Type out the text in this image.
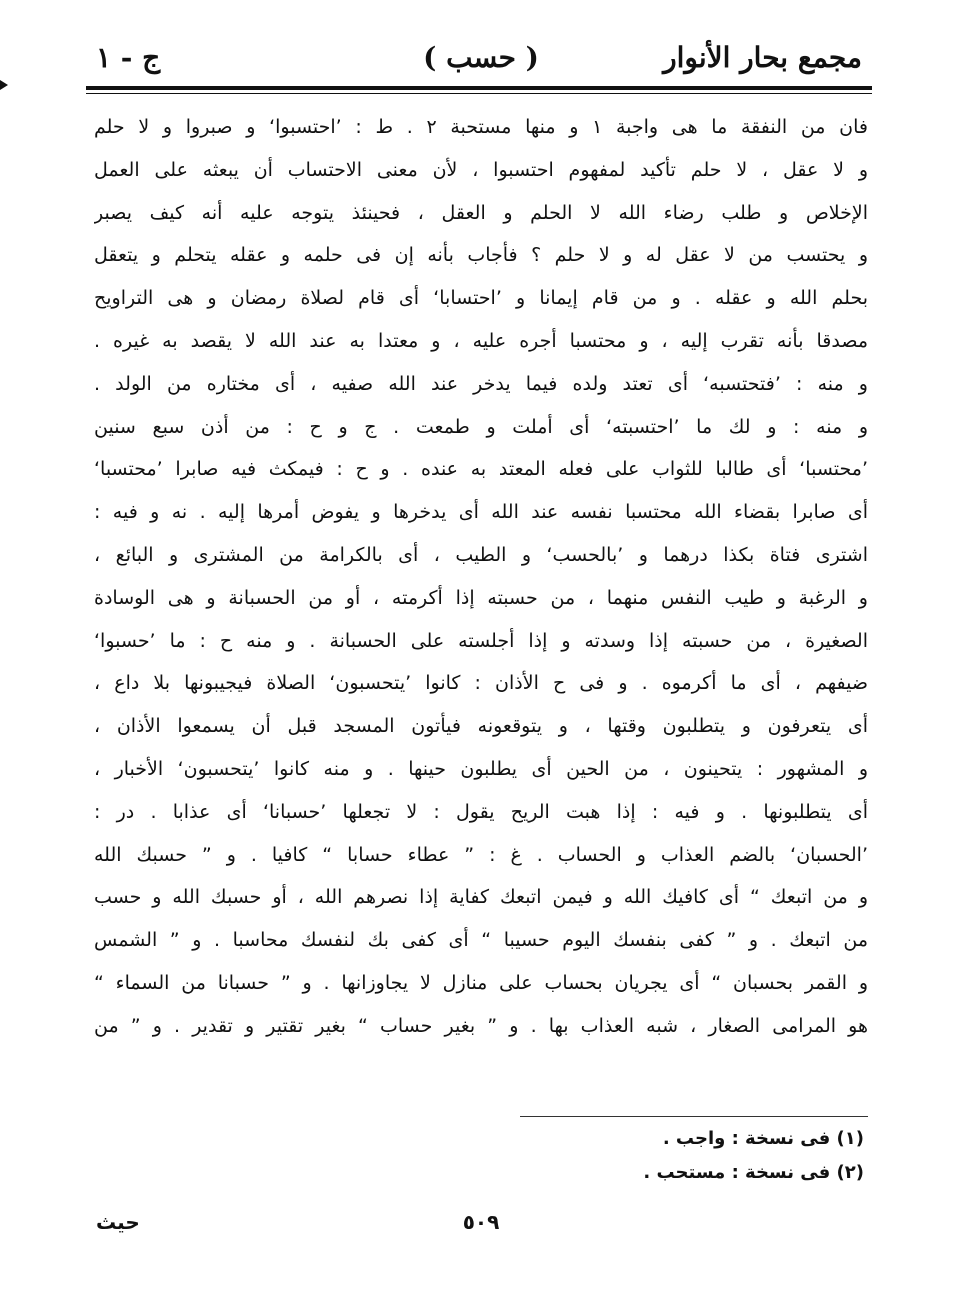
مجمع بحار الأنوار
( حسب )
ج - ١
فان من النفقة ما هى واجبة ١ و منها مستحبة ٢ . ط : ’احتسبوا‘ و صبروا و لا حلم
و لا عقل ، لا حلم تأكيد لمفهوم احتسبوا ، لأن معنى الاحتساب أن يبعثه على العمل
الإخلاص و طلب رضاء الله لا الحلم و العقل ، فحينئذ يتوجه عليه أنه كيف يصبر
و يحتسب من لا عقل له و لا حلم ؟ فأجاب بأنه إن فى حلمه و عقله يتحلم و يتعقل
بحلم الله و عقله . و من قام إيمانا و ’احتسابا‘ أى قام لصلاة رمضان و هى التراويح
مصدقا بأنه تقرب إليه ، و محتسبا أجره عليه ، و معتدا به عند الله لا يقصد به غيره .
و منه : ’فتحتسبه‘ أى تعتد ولده فيما يدخر عند الله صفيه ، أى مختاره من الولد .
و منه : و لك ما ’احتسبته‘ أى أملت و طمعت . ج و ح : من أذن سبع سنين
’محتسبا‘ أى طالبا للثواب على فعله المعتد به عنده . و ح : فيمكث فيه صابرا ’محتسبا‘
أى صابرا بقضاء الله محتسبا نفسه عند الله أى يدخرها و يفوض أمرها إليه . نه و فيه :
اشترى فتاة بكذا درهما و ’بالحسب‘ و الطيب ، أى بالكرامة من المشترى و البائع ،
و الرغبة و طيب النفس منهما ، من حسبته إذا أكرمته ، أو من الحسبانة و هى الوسادة
الصغيرة ، من حسبته إذا وسدته و إذا أجلسته على الحسبانة . و منه ح : ما ’حسبوا‘
ضيفهم ، أى ما أكرموه . و فى ح الأذان : كانوا ’يتحسبون‘ الصلاة فيجيبونها بلا داع ،
أى يتعرفون و يتطلبون وقتها ، و يتوقعونه فيأتون المسجد قبل أن يسمعوا الأذان ،
و المشهور : يتحينون ، من الحين أى يطلبون حينها . و منه كانوا ’يتحسبون‘ الأخبار ،
أى يتطلبونها . و فيه : إذا هبت الريح يقول : لا تجعلها ’حسبانا‘ أى عذابا . در :
’الحسبان‘ بالضم العذاب و الحساب . غ : ” عطاء حسابا “ كافيا . و ” حسبك الله
و من اتبعك “ أى كافيك الله و فيمن اتبعك كفاية إذا نصرهم الله ، أو حسبك الله و حسب
من اتبعك . و ” كفى بنفسك اليوم حسيبا “ أى كفى بك لنفسك محاسبا . و ” الشمس
و القمر بحسبان “ أى يجريان بحساب على منازل لا يجاوزانها . و ” حسبانا من السماء “
هو المرامى الصغار ، شبه العذاب بها . و ” بغير حساب “ بغير تقتير و تقدير . و ” من
(١) فى نسخة : واجب .
(٢) فى نسخة : مستحب .
٥٠٩
حيث
